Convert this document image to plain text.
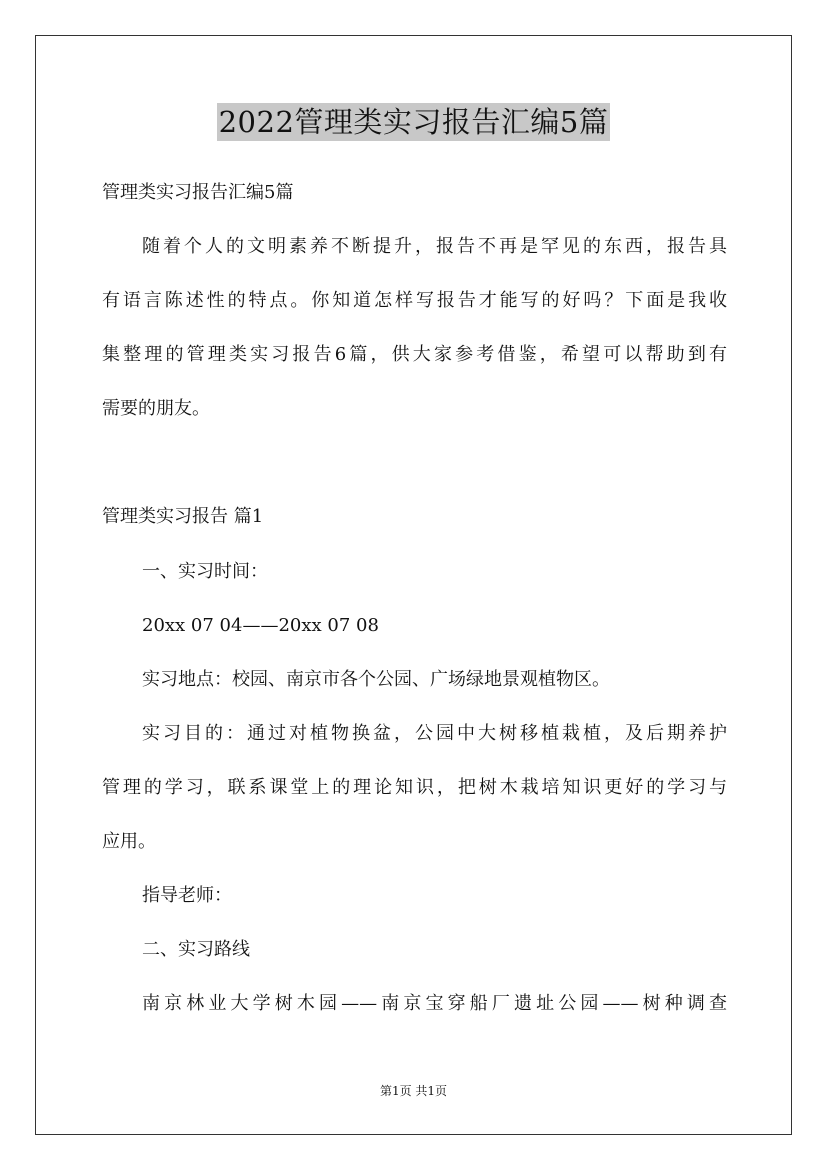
2022管理类实习报告汇编5篇
管理类实习报告汇编5篇
随着个人的文明素养不断提升，报告不再是罕见的东西，报告具
有语言陈述性的特点。你知道怎样写报告才能写的好吗？下面是我收
集整理的管理类实习报告6篇，供大家参考借鉴，希望可以帮助到有
需要的朋友。
管理类实习报告 篇1
一、实习时间：
20xx 07 04——20xx 07 08
实习地点：校园、南京市各个公园、广场绿地景观植物区。
实习目的：通过对植物换盆，公园中大树移植栽植，及后期养护
管理的学习，联系课堂上的理论知识，把树木栽培知识更好的学习与
应用。
指导老师：
二、实习路线
南京林业大学树木园——南京宝穿船厂遗址公园——树种调查
第1页 共1页
